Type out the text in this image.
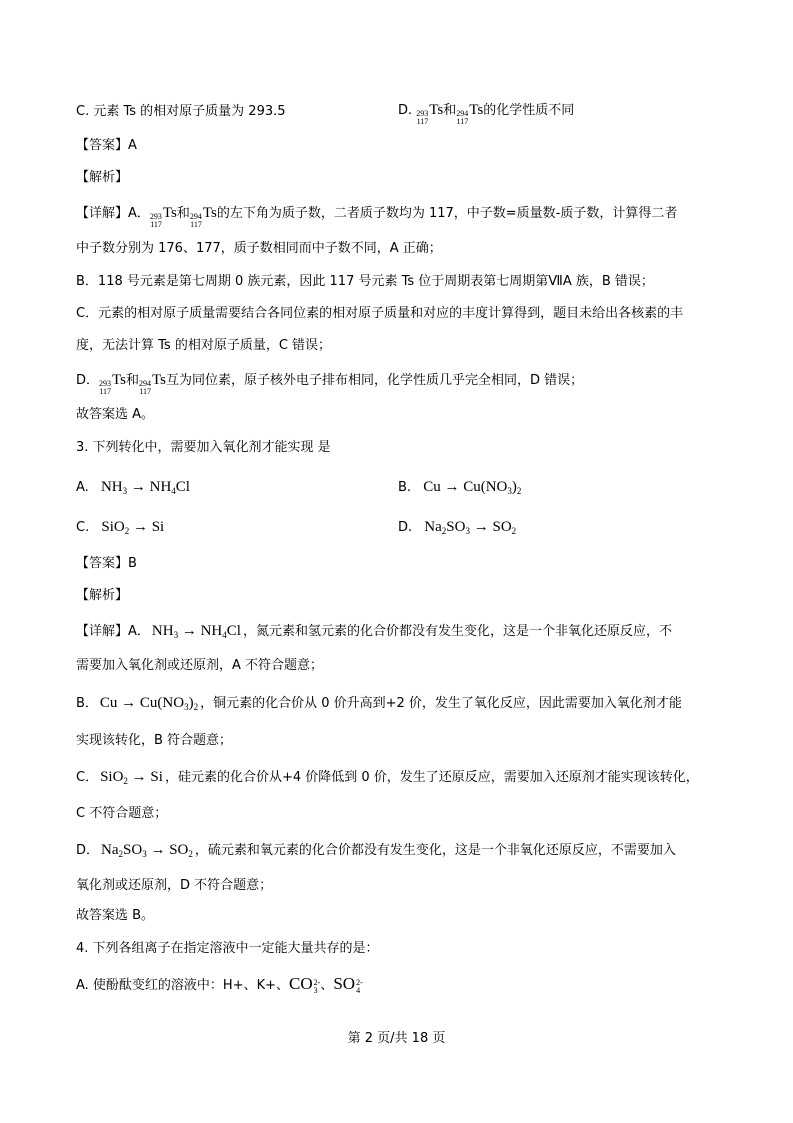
C. 元素 Ts 的相对原子质量为 293.5	D. 293
117
Ts和 294
117
Ts的化学性质不同
【答案】A
【解析】
【详解】A． 293
117
Ts和 294
117
Ts的左下角为质子数，二者质子数均为 117，中子数=质量数-质子数，计算得二者
中子数分别为 176、177，质子数相同而中子数不同，A 正确；
B．118 号元素是第七周期 0 族元素，因此 117 号元素 Ts 位于周期表第七周期第ⅦA 族，B 错误；
C．元素的相对原子质量需要结合各同位素的相对原子质量和对应的丰度计算得到，题目未给出各核素的丰
度，无法计算 Ts 的相对原子质量，C 错误；
D． 293
117
Ts和 294
117
Ts互为同位素，原子核外电子排布相同，化学性质几乎完全相同，D 错误；
故答案选 A。
3. 下列转化中，需要加入氧化剂才能实现 是
A. $NH_3 \to NH_4Cl$	B. $Cu \to Cu(NO_3)_2$
C. SiO$_2$ → Si	D. $Na_2SO_3 \to SO_2$
【答案】B
【解析】
【详解】A． $NH_3 \to NH_4Cl$ ，氮元素和氢元素的化合价都没有发生变化，这是一个非氧化还原反应，不
需要加入氧化剂或还原剂，A 不符合题意；
B． $Cu \to Cu(NO_3)_2$ ，铜元素的化合价从 0 价升高到+2 价，发生了氧化反应，因此需要加入氧化剂才能
实现该转化，B 符合题意；
C． SiO$_2$ → Si ，硅元素的化合价从+4 价降低到 0 价，发生了还原反应，需要加入还原剂才能实现该转化，
C 不符合题意；
D． $Na_2SO_3 \to SO_2$ ，硫元素和氧元素的化合价都没有发生变化，这是一个非氧化还原反应，不需要加入
氧化剂或还原剂，D 不符合题意；
故答案选 B。
4. 下列各组离子在指定溶液中一定能大量共存的是：
A. 使酚酞变红的溶液中：H+、K+、CO 2-
3 、SO 2-
4
第 2 页/共 18 页
